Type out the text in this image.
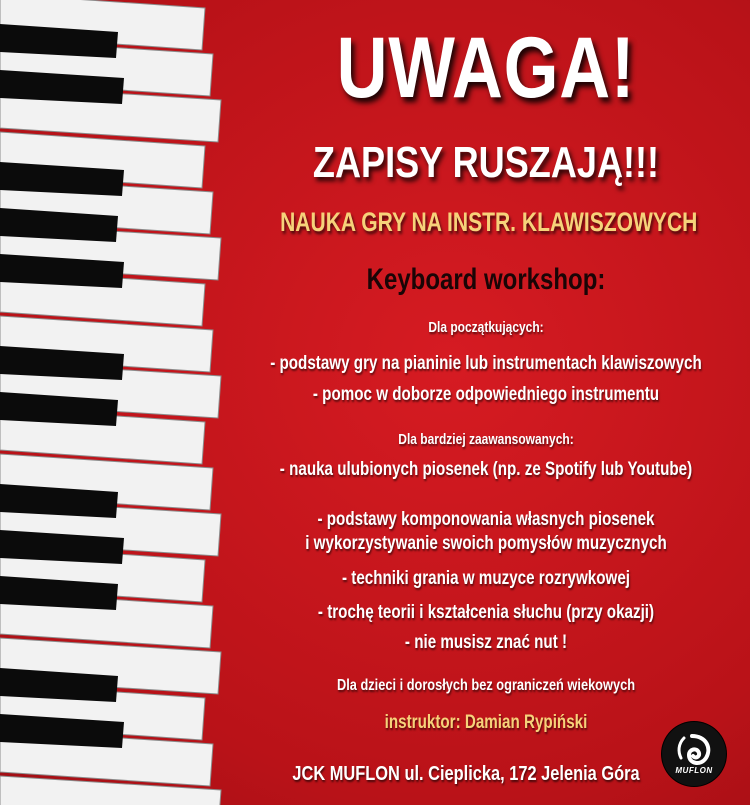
UWAGA!
ZAPISY RUSZAJĄ!!!
NAUKA GRY NA INSTR. KLAWISZOWYCH
Keyboard workshop:
Dla początkujących:
- podstawy gry na pianinie lub instrumentach klawiszowych
- pomoc w doborze odpowiedniego instrumentu
Dla bardziej zaawansowanych:
- nauka ulubionych piosenek (np. ze Spotify lub Youtube)
- podstawy komponowania własnych piosenek
i wykorzystywanie swoich pomysłów muzycznych
- techniki grania w muzyce rozrywkowej
- trochę teorii i kształcenia słuchu (przy okazji)
- nie musisz znać nut !
Dla dzieci i dorosłych bez ograniczeń wiekowych
instruktor: Damian Rypiński
JCK MUFLON ul. Cieplicka, 172 Jelenia Góra	MUFLON
